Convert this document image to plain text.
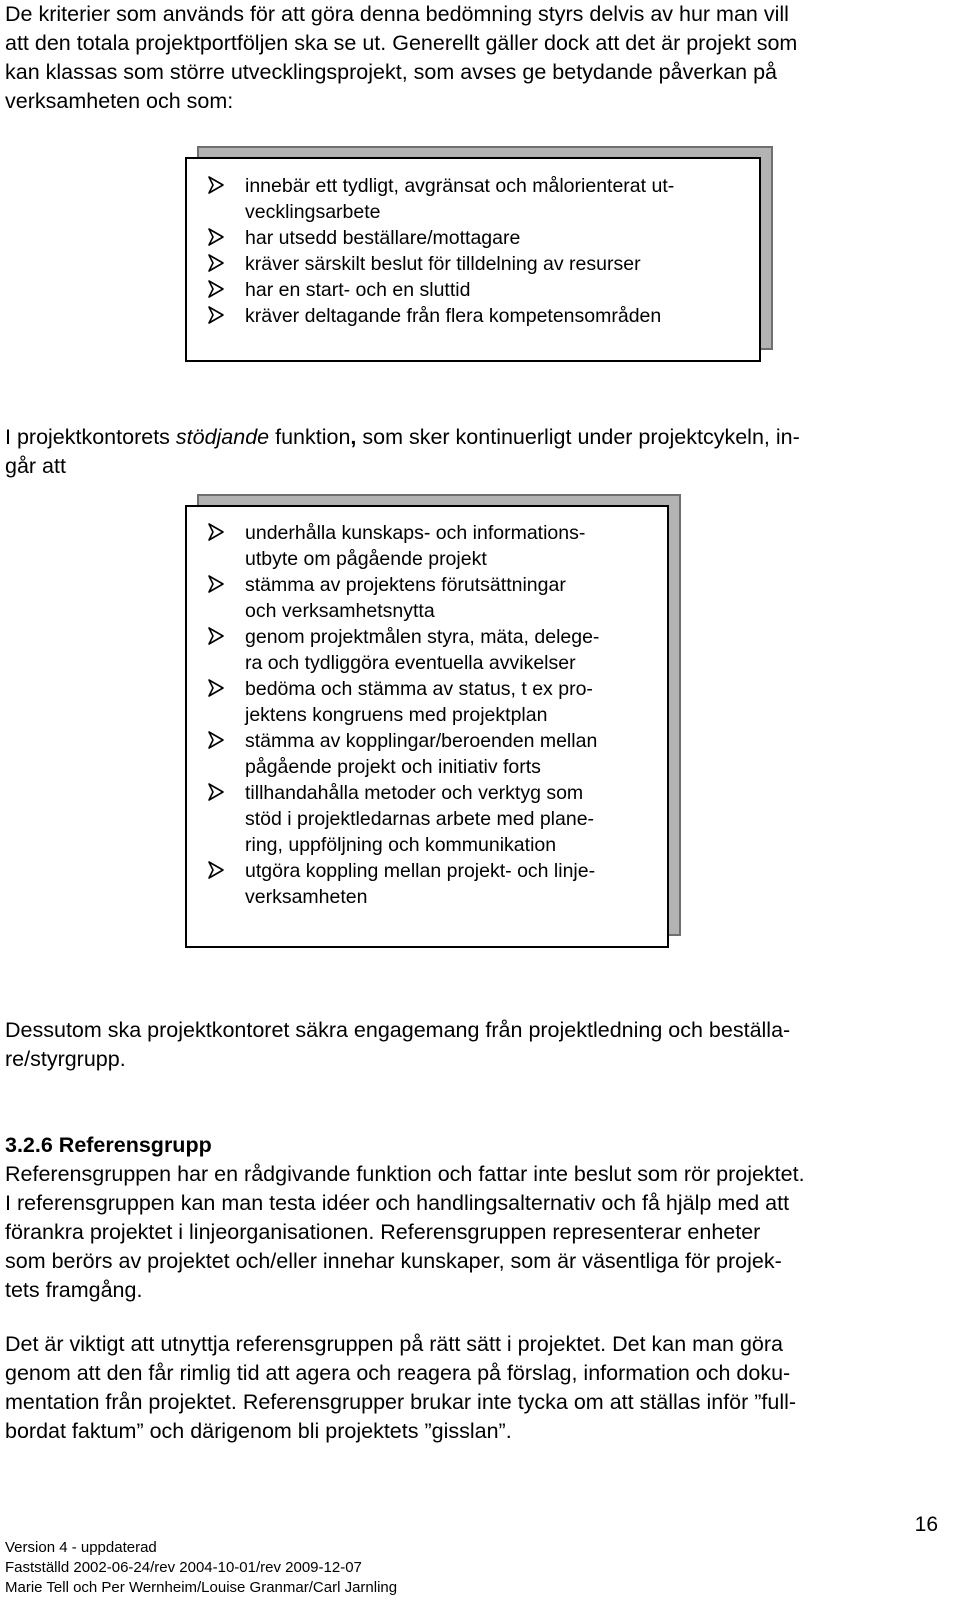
De kriterier som används för att göra denna bedömning styrs delvis av hur man vill
att den totala projektportföljen ska se ut. Generellt gäller dock att det är projekt som
kan klassas som större utvecklingsprojekt, som avses ge betydande påverkan på
verksamheten och som:
innebär ett tydligt, avgränsat och målorienterat ut-
vecklingsarbete
har utsedd beställare/mottagare
kräver särskilt beslut för tilldelning av resurser
har en start- och en sluttid
kräver deltagande från flera kompetensområden
I projektkontorets stödjande funktion, som sker kontinuerligt under projektcykeln, in-
går att
underhålla kunskaps- och informations-
utbyte om pågående projekt
stämma av projektens förutsättningar
och verksamhetsnytta
genom projektmålen styra, mäta, delege-
ra och tydliggöra eventuella avvikelser
bedöma och stämma av status, t ex pro-
jektens kongruens med projektplan
stämma av kopplingar/beroenden mellan
pågående projekt och initiativ forts
tillhandahålla metoder och verktyg som
stöd i projektledarnas arbete med plane-
ring, uppföljning och kommunikation
utgöra koppling mellan projekt- och linje-
verksamheten
Dessutom ska projektkontoret säkra engagemang från projektledning och beställa-
re/styrgrupp.
3.2.6 Referensgrupp
Referensgruppen har en rådgivande funktion och fattar inte beslut som rör projektet.
I referensgruppen kan man testa idéer och handlingsalternativ och få hjälp med att
förankra projektet i linjeorganisationen. Referensgruppen representerar enheter
som berörs av projektet och/eller innehar kunskaper, som är väsentliga för projek-
tets framgång.
Det är viktigt att utnyttja referensgruppen på rätt sätt i projektet. Det kan man göra
genom att den får rimlig tid att agera och reagera på förslag, information och doku-
mentation från projektet. Referensgrupper brukar inte tycka om att ställas inför ”full-
bordat faktum” och därigenom bli projektets ”gisslan”.
Version 4 - uppdaterad
Fastställd 2002-06-24/rev 2004-10-01/rev 2009-12-07
Marie Tell och Per Wernheim/Louise Granmar/Carl Jarnling
16
